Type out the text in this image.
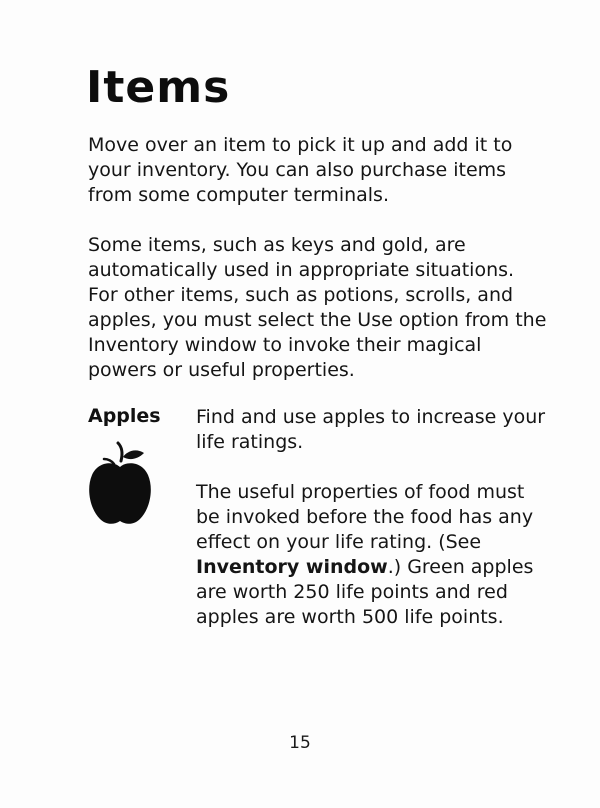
Items

Move over an item to pick it up and add it to your inventory. You can also purchase items from some computer terminals.

Some items, such as keys and gold, are automatically used in appropriate situations. For other items, such as potions, scrolls, and apples, you must select the Use option from the Inventory window to invoke their magical powers or useful properties.

Apples Find and use apples to increase your life ratings.

The useful properties of food must be invoked before the food has any effect on your life rating. (See Inventory window.) Green apples are worth 250 life points and red apples are worth 500 life points.

15
